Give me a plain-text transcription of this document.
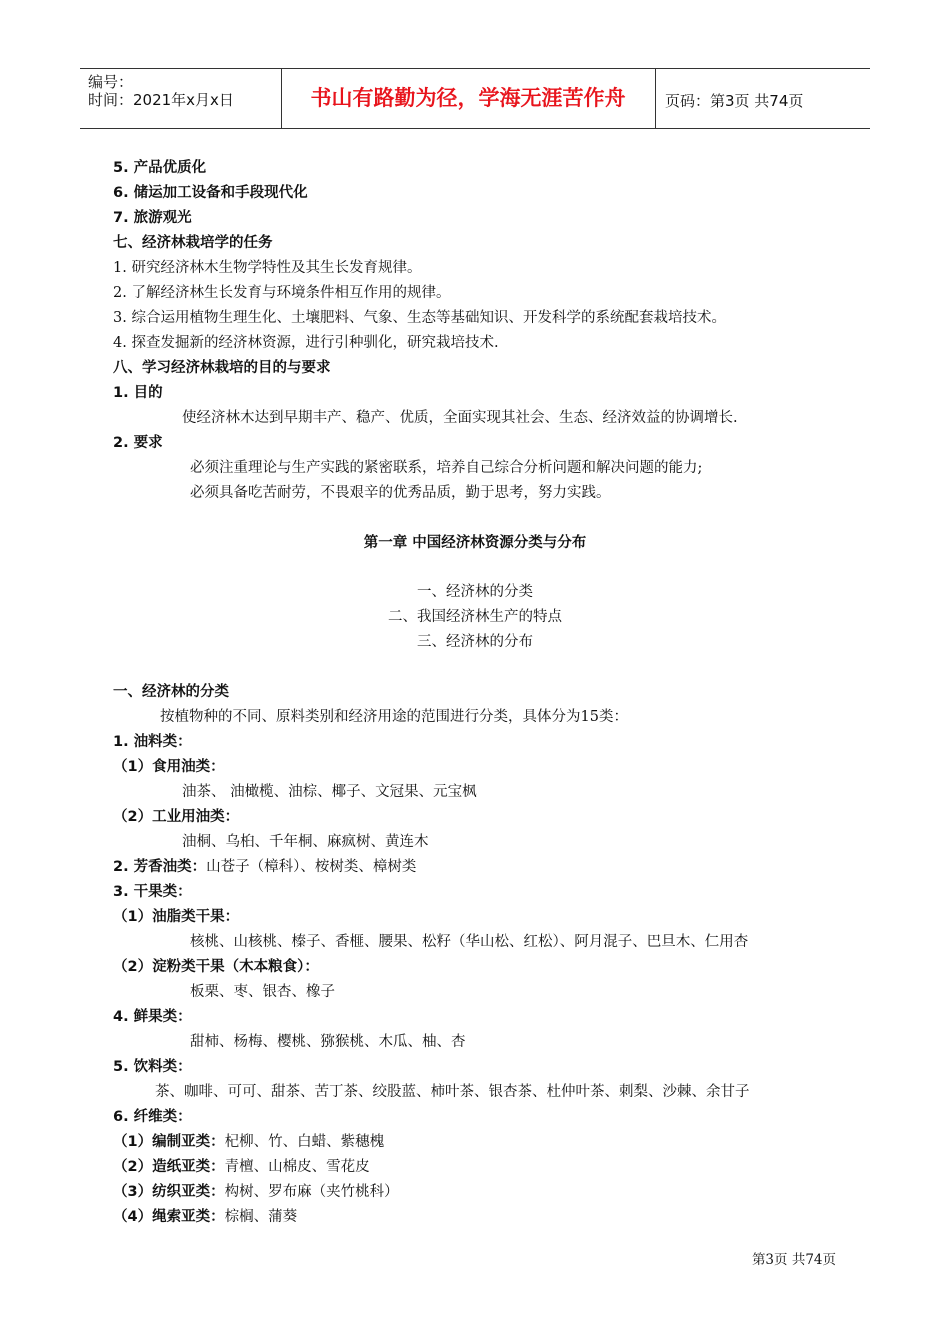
编号：
时间：2021年x月x日	书山有路勤为径，学海无涯苦作舟	页码：第3页 共74页
5. 产品优质化
6. 储运加工设备和手段现代化
7. 旅游观光
七、经济林栽培学的任务
1. 研究经济林木生物学特性及其生长发育规律。
2. 了解经济林生长发育与环境条件相互作用的规律。
3. 综合运用植物生理生化、土壤肥料、气象、生态等基础知识、开发科学的系统配套栽培技术。
4. 探查发掘新的经济林资源，进行引种驯化，研究栽培技术.
八、学习经济林栽培的目的与要求
1. 目的
使经济林木达到早期丰产、稳产、优质，全面实现其社会、生态、经济效益的协调增长.
2. 要求
必须注重理论与生产实践的紧密联系，培养自己综合分析问题和解决问题的能力;
必须具备吃苦耐劳，不畏艰辛的优秀品质，勤于思考，努力实践。
第一章 中国经济林资源分类与分布
一、经济林的分类
二、我国经济林生产的特点
三、经济林的分布
一、经济林的分类
按植物种的不同、原料类别和经济用途的范围进行分类，具体分为15类：
1. 油料类：
（1）食用油类：
油茶、 油橄榄、油棕、椰子、文冠果、元宝枫
（2）工业用油类：
油桐、乌桕、千年桐、麻疯树、黄连木
2. 芳香油类：山苍子（樟科）、桉树类、樟树类
3. 干果类：
（1）油脂类干果：
核桃、山核桃、榛子、香榧、腰果、松籽（华山松、红松）、阿月混子、巴旦木、仁用杏
（2）淀粉类干果（木本粮食）：
板栗、枣、银杏、橡子
4. 鲜果类：
甜柿、杨梅、樱桃、猕猴桃、木瓜、柚、杏
5. 饮料类：
茶、咖啡、可可、甜茶、苦丁茶、绞股蓝、柿叶茶、银杏茶、杜仲叶茶、刺梨、沙棘、余甘子
6. 纤维类：
（1）编制亚类：杞柳、竹、白蜡、紫穗槐
（2）造纸亚类：青檀、山棉皮、雪花皮
（3）纺织亚类：构树、罗布麻（夹竹桃科）
（4）绳索亚类：棕榈、蒲葵
第3页 共74页
